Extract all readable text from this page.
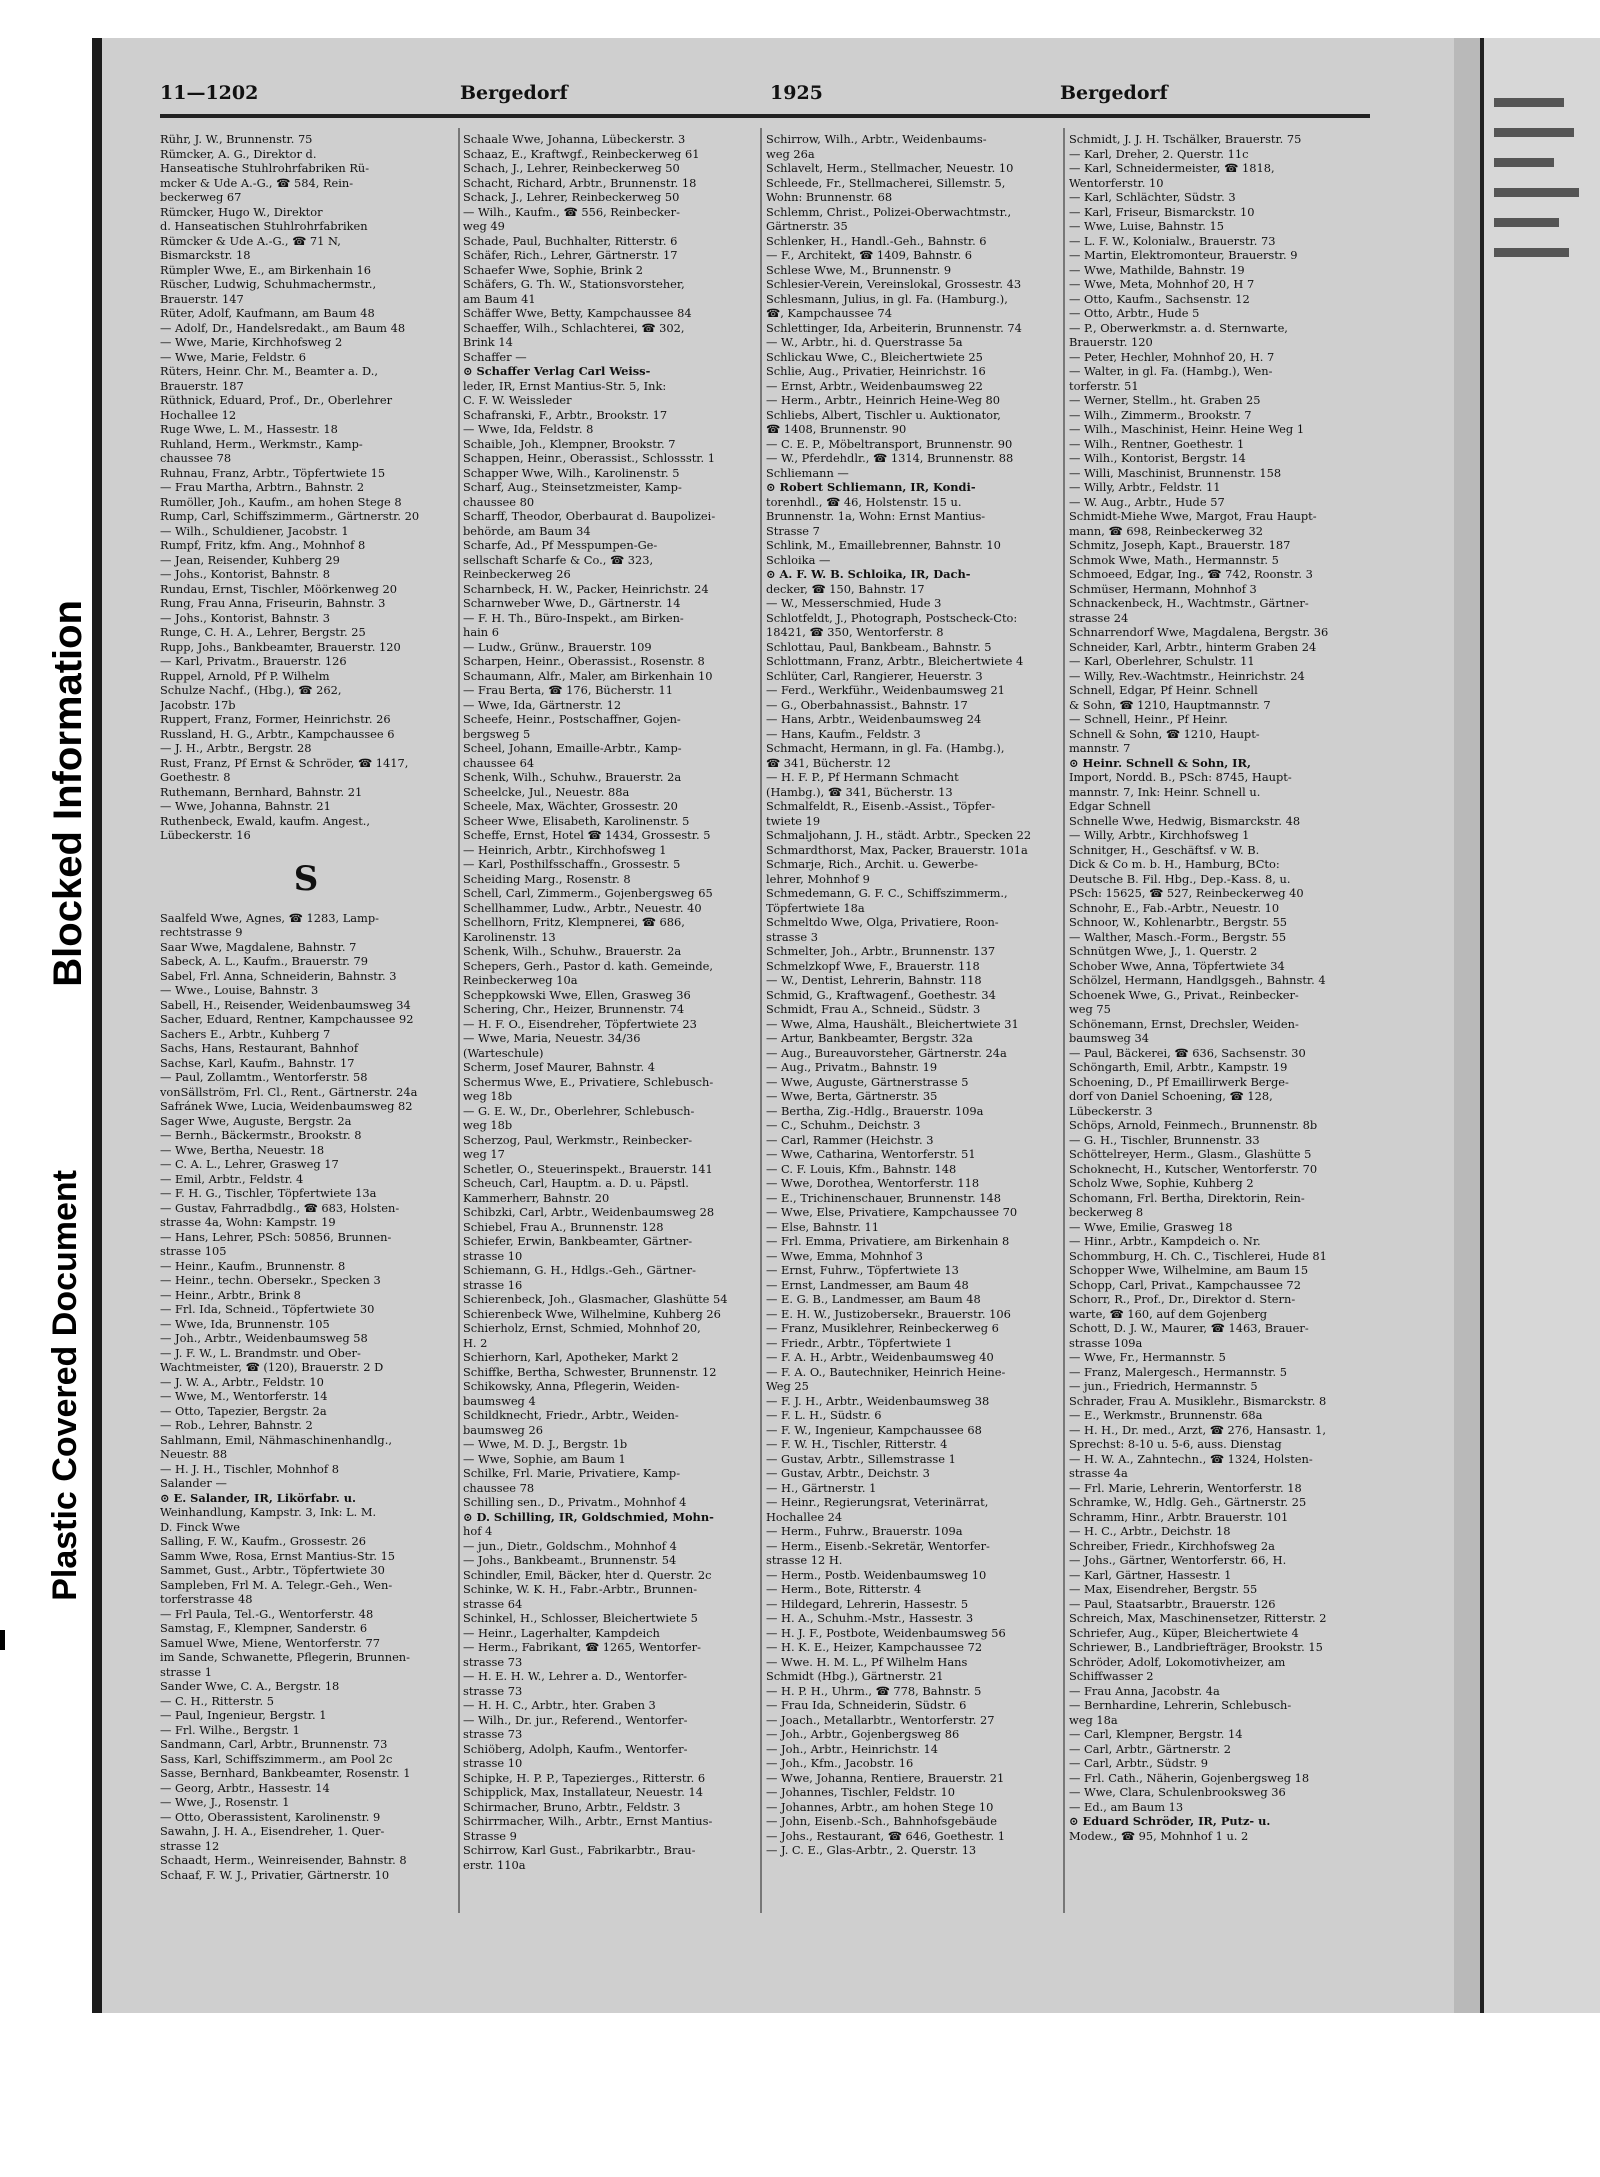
Blocked Information
Plastic Covered Document
11—1202	Bergedorf	1925	Bergedorf

Rühr, J. W., Brunnenstr. 75

Rümcker, A. G., Direktor d.

Hanseatische Stuhlrohrfabriken Rü-

mcker & Ude A.-G., ☎ 584, Rein-

beckerweg 67

Rümcker, Hugo W., Direktor

d. Hanseatischen Stuhlrohrfabriken

Rümcker & Ude A.-G., ☎ 71 N,

Bismarckstr. 18

Rümpler Wwe, E., am Birkenhain 16

Rüscher, Ludwig, Schuhmachermstr.,

Brauerstr. 147

Rüter, Adolf, Kaufmann, am Baum 48

— Adolf, Dr., Handelsredakt., am Baum 48

— Wwe, Marie, Kirchhofsweg 2

— Wwe, Marie, Feldstr. 6

Rüters, Heinr. Chr. M., Beamter a. D.,

Brauerstr. 187

Rüthnick, Eduard, Prof., Dr., Oberlehrer

Hochallee 12

Ruge Wwe, L. M., Hassestr. 18

Ruhland, Herm., Werkmstr., Kamp-

chaussee 78

Ruhnau, Franz, Arbtr., Töpfertwiete 15

— Frau Martha, Arbtrn., Bahnstr. 2

Rumöller, Joh., Kaufm., am hohen Stege 8

Rump, Carl, Schiffszimmerm., Gärtnerstr. 20

— Wilh., Schuldiener, Jacobstr. 1

Rumpf, Fritz, kfm. Ang., Mohnhof 8

— Jean, Reisender, Kuhberg 29

— Johs., Kontorist, Bahnstr. 8

Rundau, Ernst, Tischler, Möörkenweg 20

Rung, Frau Anna, Friseurin, Bahnstr. 3

— Johs., Kontorist, Bahnstr. 3

Runge, C. H. A., Lehrer, Bergstr. 25

Rupp, Johs., Bankbeamter, Brauerstr. 120

— Karl, Privatm., Brauerstr. 126

Ruppel, Arnold, Pf P. Wilhelm

Schulze Nachf., (Hbg.), ☎ 262,

Jacobstr. 17b

Ruppert, Franz, Former, Heinrichstr. 26

Russland, H. G., Arbtr., Kampchaussee 6

— J. H., Arbtr., Bergstr. 28

Rust, Franz, Pf Ernst & Schröder, ☎ 1417,

Goethestr. 8

Ruthemann, Bernhard, Bahnstr. 21

— Wwe, Johanna, Bahnstr. 21

Ruthenbeck, Ewald, kaufm. Angest.,

Lübeckerstr. 16

S

Saalfeld Wwe, Agnes, ☎ 1283, Lamp-

rechtstrasse 9

Saar Wwe, Magdalene, Bahnstr. 7

Sabeck, A. L., Kaufm., Brauerstr. 79

Sabel, Frl. Anna, Schneiderin, Bahnstr. 3

— Wwe., Louise, Bahnstr. 3

Sabell, H., Reisender, Weidenbaumsweg 34

Sacher, Eduard, Rentner, Kampchaussee 92

Sachers E., Arbtr., Kuhberg 7

Sachs, Hans, Restaurant, Bahnhof

Sachse, Karl, Kaufm., Bahnstr. 17

— Paul, Zollamtm., Wentorferstr. 58

vonSällström, Frl. Cl., Rent., Gärtnerstr. 24a

Safránek Wwe, Lucia, Weidenbaumsweg 82

Sager Wwe, Auguste, Bergstr. 2a

— Bernh., Bäckermstr., Brookstr. 8

— Wwe, Bertha, Neuestr. 18

— C. A. L., Lehrer, Grasweg 17

— Emil, Arbtr., Feldstr. 4

— F. H. G., Tischler, Töpfertwiete 13a

— Gustav, Fahrradbdlg., ☎ 683, Holsten-

strasse 4a, Wohn: Kampstr. 19

— Hans, Lehrer, PSch: 50856, Brunnen-

strasse 105

— Heinr., Kaufm., Brunnenstr. 8

— Heinr., techn. Obersekr., Specken 3

— Heinr., Arbtr., Brink 8

— Frl. Ida, Schneid., Töpfertwiete 30

— Wwe, Ida, Brunnenstr. 105

— Joh., Arbtr., Weidenbaumsweg 58

— J. F. W., L. Brandmstr. und Ober-

Wachtmeister, ☎ (120), Brauerstr. 2 D

— J. W. A., Arbtr., Feldstr. 10

— Wwe, M., Wentorferstr. 14

— Otto, Tapezier, Bergstr. 2a

— Rob., Lehrer, Bahnstr. 2

Sahlmann, Emil, Nähmaschinenhandlg.,

Neuestr. 88

— H. J. H., Tischler, Mohnhof 8

Salander —

⊙ E. Salander, IR, Likörfabr. u.

Weinhandlung, Kampstr. 3, Ink: L. M.

D. Finck Wwe

Salling, F. W., Kaufm., Grossestr. 26

Samm Wwe, Rosa, Ernst Mantius-Str. 15

Sammet, Gust., Arbtr., Töpfertwiete 30

Sampleben, Frl M. A. Telegr.-Geh., Wen-

torferstrasse 48

— Frl Paula, Tel.-G., Wentorferstr. 48

Samstag, F., Klempner, Sanderstr. 6

Samuel Wwe, Miene, Wentorferstr. 77

im Sande, Schwanette, Pflegerin, Brunnen-

strasse 1

Sander Wwe, C. A., Bergstr. 18

— C. H., Ritterstr. 5

— Paul, Ingenieur, Bergstr. 1

— Frl. Wilhe., Bergstr. 1

Sandmann, Carl, Arbtr., Brunnenstr. 73

Sass, Karl, Schiffszimmerm., am Pool 2c

Sasse, Bernhard, Bankbeamter, Rosenstr. 1

— Georg, Arbtr., Hassestr. 14

— Wwe, J., Rosenstr. 1

— Otto, Oberassistent, Karolinenstr. 9

Sawahn, J. H. A., Eisendreher, 1. Quer-

strasse 12

Schaadt, Herm., Weinreisender, Bahnstr. 8

Schaaf, F. W. J., Privatier, Gärtnerstr. 10

Schaale Wwe, Johanna, Lübeckerstr. 3

Schaaz, E., Kraftwgf., Reinbeckerweg 61

Schach, J., Lehrer, Reinbeckerweg 50

Schacht, Richard, Arbtr., Brunnenstr. 18

Schack, J., Lehrer, Reinbeckerweg 50

— Wilh., Kaufm., ☎ 556, Reinbecker-

weg 49

Schade, Paul, Buchhalter, Ritterstr. 6

Schäfer, Rich., Lehrer, Gärtnerstr. 17

Schaefer Wwe, Sophie, Brink 2

Schäfers, G. Th. W., Stationsvorsteher,

am Baum 41

Schäffer Wwe, Betty, Kampchaussee 84

Schaeffer, Wilh., Schlachterei, ☎ 302,

Brink 14

Schaffer —

⊙ Schaffer Verlag Carl Weiss-

leder, IR, Ernst Mantius-Str. 5, Ink:

C. F. W. Weissleder

Schafranski, F., Arbtr., Brookstr. 17

— Wwe, Ida, Feldstr. 8

Schaible, Joh., Klempner, Brookstr. 7

Schappen, Heinr., Oberassist., Schlossstr. 1

Schapper Wwe, Wilh., Karolinenstr. 5

Scharf, Aug., Steinsetzmeister, Kamp-

chaussee 80

Scharff, Theodor, Oberbaurat d. Baupolizei-

behörde, am Baum 34

Scharfe, Ad., Pf Messpumpen-Ge-

sellschaft Scharfe & Co., ☎ 323,

Reinbeckerweg 26

Scharnbeck, H. W., Packer, Heinrichstr. 24

Scharnweber Wwe, D., Gärtnerstr. 14

— F. H. Th., Büro-Inspekt., am Birken-

hain 6

— Ludw., Grünw., Brauerstr. 109

Scharpen, Heinr., Oberassist., Rosenstr. 8

Schaumann, Alfr., Maler, am Birkenhain 10

— Frau Berta, ☎ 176, Bücherstr. 11

— Wwe, Ida, Gärtnerstr. 12

Scheefe, Heinr., Postschaffner, Gojen-

bergsweg 5

Scheel, Johann, Emaille-Arbtr., Kamp-

chaussee 64

Schenk, Wilh., Schuhw., Brauerstr. 2a

Scheelcke, Jul., Neuestr. 88a

Scheele, Max, Wächter, Grossestr. 20

Scheer Wwe, Elisabeth, Karolinenstr. 5

Scheffe, Ernst, Hotel ☎ 1434, Grossestr. 5

— Heinrich, Arbtr., Kirchhofsweg 1

— Karl, Posthilfsschaffn., Grossestr. 5

Scheiding Marg., Rosenstr. 8

Schell, Carl, Zimmerm., Gojenbergsweg 65

Schellhammer, Ludw., Arbtr., Neuestr. 40

Schellhorn, Fritz, Klempnerei, ☎ 686,

Karolinenstr. 13

Schenk, Wilh., Schuhw., Brauerstr. 2a

Schepers, Gerh., Pastor d. kath. Gemeinde,

Reinbeckerweg 10a

Scheppkowski Wwe, Ellen, Grasweg 36

Schering, Chr., Heizer, Brunnenstr. 74

— H. F. O., Eisendreher, Töpfertwiete 23

— Wwe, Maria, Neuestr. 34/36

(Warteschule)

Scherm, Josef Maurer, Bahnstr. 4

Schermus Wwe, E., Privatiere, Schlebusch-

weg 18b

— G. E. W., Dr., Oberlehrer, Schlebusch-

weg 18b

Scherzog, Paul, Werkmstr., Reinbecker-

weg 17

Schetler, O., Steuerinspekt., Brauerstr. 141

Scheuch, Carl, Hauptm. a. D. u. Päpstl.

Kammerherr, Bahnstr. 20

Schibzki, Carl, Arbtr., Weidenbaumsweg 28

Schiebel, Frau A., Brunnenstr. 128

Schiefer, Erwin, Bankbeamter, Gärtner-

strasse 10

Schiemann, G. H., Hdlgs.-Geh., Gärtner-

strasse 16

Schierenbeck, Joh., Glasmacher, Glashütte 54

Schierenbeck Wwe, Wilhelmine, Kuhberg 26

Schierholz, Ernst, Schmied, Mohnhof 20,

H. 2

Schierhorn, Karl, Apotheker, Markt 2

Schiffke, Bertha, Schwester, Brunnenstr. 12

Schikowsky, Anna, Pflegerin, Weiden-

baumsweg 4

Schildknecht, Friedr., Arbtr., Weiden-

baumsweg 26

— Wwe, M. D. J., Bergstr. 1b

— Wwe, Sophie, am Baum 1

Schilke, Frl. Marie, Privatiere, Kamp-

chaussee 78

Schilling sen., D., Privatm., Mohnhof 4

⊙ D. Schilling, IR, Goldschmied, Mohn-

hof 4

— jun., Dietr., Goldschm., Mohnhof 4

— Johs., Bankbeamt., Brunnenstr. 54

Schindler, Emil, Bäcker, hter d. Querstr. 2c

Schinke, W. K. H., Fabr.-Arbtr., Brunnen-

strasse 64

Schinkel, H., Schlosser, Bleichertwiete 5

— Heinr., Lagerhalter, Kampdeich

— Herm., Fabrikant, ☎ 1265, Wentorfer-

strasse 73

— H. E. H. W., Lehrer a. D., Wentorfer-

strasse 73

— H. H. C., Arbtr., hter. Graben 3

— Wilh., Dr. jur., Referend., Wentorfer-

strasse 73

Schiöberg, Adolph, Kaufm., Wentorfer-

strasse 10

Schipke, H. P. P., Tapezierges., Ritterstr. 6

Schipplick, Max, Installateur, Neuestr. 14

Schirmacher, Bruno, Arbtr., Feldstr. 3

Schirrmacher, Wilh., Arbtr., Ernst Mantius-

Strasse 9

Schirrow, Karl Gust., Fabrikarbtr., Brau-

erstr. 110a

Schirrow, Wilh., Arbtr., Weidenbaums-

weg 26a

Schlavelt, Herm., Stellmacher, Neuestr. 10

Schleede, Fr., Stellmacherei, Sillemstr. 5,

Wohn: Brunnenstr. 68

Schlemm, Christ., Polizei-Oberwachtmstr.,

Gärtnerstr. 35

Schlenker, H., Handl.-Geh., Bahnstr. 6

— F., Architekt, ☎ 1409, Bahnstr. 6

Schlese Wwe, M., Brunnenstr. 9

Schlesier-Verein, Vereinslokal, Grossestr. 43

Schlesmann, Julius, in gl. Fa. (Hamburg.),

☎, Kampchaussee 74

Schlettinger, Ida, Arbeiterin, Brunnenstr. 74

— W., Arbtr., hi. d. Querstrasse 5a

Schlickau Wwe, C., Bleichertwiete 25

Schlie, Aug., Privatier, Heinrichstr. 16

— Ernst, Arbtr., Weidenbaumsweg 22

— Herm., Arbtr., Heinrich Heine-Weg 80

Schliebs, Albert, Tischler u. Auktionator,

☎ 1408, Brunnenstr. 90

— C. E. P., Möbeltransport, Brunnenstr. 90

— W., Pferdehdlr., ☎ 1314, Brunnenstr. 88

Schliemann —

⊙ Robert Schliemann, IR, Kondi-

torenhdl., ☎ 46, Holstenstr. 15 u.

Brunnenstr. 1a, Wohn: Ernst Mantius-

Strasse 7

Schlink, M., Emaillebrenner, Bahnstr. 10

Schloika —

⊙ A. F. W. B. Schloika, IR, Dach-

decker, ☎ 150, Bahnstr. 17

— W., Messerschmied, Hude 3

Schlotfeldt, J., Photograph, Postscheck-Cto:

18421, ☎ 350, Wentorferstr. 8

Schlottau, Paul, Bankbeam., Bahnstr. 5

Schlottmann, Franz, Arbtr., Bleichertwiete 4

Schlüter, Carl, Rangierer, Heuerstr. 3

— Ferd., Werkführ., Weidenbaumsweg 21

— G., Oberbahnassist., Bahnstr. 17

— Hans, Arbtr., Weidenbaumsweg 24

— Hans, Kaufm., Feldstr. 3

Schmacht, Hermann, in gl. Fa. (Hambg.),

☎ 341, Bücherstr. 12

— H. F. P., Pf Hermann Schmacht

(Hambg.), ☎ 341, Bücherstr. 13

Schmalfeldt, R., Eisenb.-Assist., Töpfer-

twiete 19

Schmaljohann, J. H., städt. Arbtr., Specken 22

Schmardthorst, Max, Packer, Brauerstr. 101a

Schmarje, Rich., Archit. u. Gewerbe-

lehrer, Mohnhof 9

Schmedemann, G. F. C., Schiffszimmerm.,

Töpfertwiete 18a

Schmeltdo Wwe, Olga, Privatiere, Roon-

strasse 3

Schmelter, Joh., Arbtr., Brunnenstr. 137

Schmelzkopf Wwe, F., Brauerstr. 118

— W., Dentist, Lehrerin, Bahnstr. 118

Schmid, G., Kraftwagenf., Goethestr. 34

Schmidt, Frau A., Schneid., Südstr. 3

— Wwe, Alma, Haushält., Bleichertwiete 31

— Artur, Bankbeamter, Bergstr. 32a

— Aug., Bureauvorsteher, Gärtnerstr. 24a

— Aug., Privatm., Bahnstr. 19

— Wwe, Auguste, Gärtnerstrasse 5

— Wwe, Berta, Gärtnerstr. 35

— Bertha, Zig.-Hdlg., Brauerstr. 109a

— C., Schuhm., Deichstr. 3

— Carl, Rammer (Heichstr. 3

— Wwe, Catharina, Wentorferstr. 51

— C. F. Louis, Kfm., Bahnstr. 148

— Wwe, Dorothea, Wentorferstr. 118

— E., Trichinenschauer, Brunnenstr. 148

— Wwe, Else, Privatiere, Kampchaussee 70

— Else, Bahnstr. 11

— Frl. Emma, Privatiere, am Birkenhain 8

— Wwe, Emma, Mohnhof 3

— Ernst, Fuhrw., Töpfertwiete 13

— Ernst, Landmesser, am Baum 48

— E. G. B., Landmesser, am Baum 48

— E. H. W., Justizobersekr., Brauerstr. 106

— Franz, Musiklehrer, Reinbeckerweg 6

— Friedr., Arbtr., Töpfertwiete 1

— F. A. H., Arbtr., Weidenbaumsweg 40

— F. A. O., Bautechniker, Heinrich Heine-

Weg 25

— F. J. H., Arbtr., Weidenbaumsweg 38

— F. L. H., Südstr. 6

— F. W., Ingenieur, Kampchaussee 68

— F. W. H., Tischler, Ritterstr. 4

— Gustav, Arbtr., Sillemstrasse 1

— Gustav, Arbtr., Deichstr. 3

— H., Gärtnerstr. 1

— Heinr., Regierungsrat, Veterinärrat,

Hochallee 24

— Herm., Fuhrw., Brauerstr. 109a

— Herm., Eisenb.-Sekretär, Wentorfer-

strasse 12 H.

— Herm., Postb. Weidenbaumsweg 10

— Herm., Bote, Ritterstr. 4

— Hildegard, Lehrerin, Hassestr. 5

— H. A., Schuhm.-Mstr., Hassestr. 3

— H. J. F., Postbote, Weidenbaumsweg 56

— H. K. E., Heizer, Kampchaussee 72

— Wwe. H. M. L., Pf Wilhelm Hans

Schmidt (Hbg.), Gärtnerstr. 21

— H. P. H., Uhrm., ☎ 778, Bahnstr. 5

— Frau Ida, Schneiderin, Südstr. 6

— Joach., Metallarbtr., Wentorferstr. 27

— Joh., Arbtr., Gojenbergsweg 86

— Joh., Arbtr., Heinrichstr. 14

— Joh., Kfm., Jacobstr. 16

— Wwe, Johanna, Rentiere, Brauerstr. 21

— Johannes, Tischler, Feldstr. 10

— Johannes, Arbtr., am hohen Stege 10

— John, Eisenb.-Sch., Bahnhofsgebäude

— Johs., Restaurant, ☎ 646, Goethestr. 1

— J. C. E., Glas-Arbtr., 2. Querstr. 13

Schmidt, J. J. H. Tschälker, Brauerstr. 75

— Karl, Dreher, 2. Querstr. 11c

— Karl, Schneidermeister, ☎ 1818,

Wentorferstr. 10

— Karl, Schlächter, Südstr. 3

— Karl, Friseur, Bismarckstr. 10

— Wwe, Luise, Bahnstr. 15

— L. F. W., Kolonialw., Brauerstr. 73

— Martin, Elektromonteur, Brauerstr. 9

— Wwe, Mathilde, Bahnstr. 19

— Wwe, Meta, Mohnhof 20, H 7

— Otto, Kaufm., Sachsenstr. 12

— Otto, Arbtr., Hude 5

— P., Oberwerkmstr. a. d. Sternwarte,

Brauerstr. 120

— Peter, Hechler, Mohnhof 20, H. 7

— Walter, in gl. Fa. (Hambg.), Wen-

torferstr. 51

— Werner, Stellm., ht. Graben 25

— Wilh., Zimmerm., Brookstr. 7

— Wilh., Maschinist, Heinr. Heine Weg 1

— Wilh., Rentner, Goethestr. 1

— Wilh., Kontorist, Bergstr. 14

— Willi, Maschinist, Brunnenstr. 158

— Willy, Arbtr., Feldstr. 11

— W. Aug., Arbtr., Hude 57

Schmidt-Miehe Wwe, Margot, Frau Haupt-

mann, ☎ 698, Reinbeckerweg 32

Schmitz, Joseph, Kapt., Brauerstr. 187

Schmok Wwe, Math., Hermannstr. 5

Schmoeed, Edgar, Ing., ☎ 742, Roonstr. 3

Schmüser, Hermann, Mohnhof 3

Schnackenbeck, H., Wachtmstr., Gärtner-

strasse 24

Schnarrendorf Wwe, Magdalena, Bergstr. 36

Schneider, Karl, Arbtr., hinterm Graben 24

— Karl, Oberlehrer, Schulstr. 11

— Willy, Rev.-Wachtmstr., Heinrichstr. 24

Schnell, Edgar, Pf Heinr. Schnell

& Sohn, ☎ 1210, Hauptmannstr. 7

— Schnell, Heinr., Pf Heinr.

Schnell & Sohn, ☎ 1210, Haupt-

mannstr. 7

⊙ Heinr. Schnell & Sohn, IR,

Import, Nordd. B., PSch: 8745, Haupt-

mannstr. 7, Ink: Heinr. Schnell u.

Edgar Schnell

Schnelle Wwe, Hedwig, Bismarckstr. 48

— Willy, Arbtr., Kirchhofsweg 1

Schnitger, H., Geschäftsf. v W. B.

Dick & Co m. b. H., Hamburg, BCto:

Deutsche B. Fil. Hbg., Dep.-Kass. 8, u.

PSch: 15625, ☎ 527, Reinbeckerweg 40

Schnohr, E., Fab.-Arbtr., Neuestr. 10

Schnoor, W., Kohlenarbtr., Bergstr. 55

— Walther, Masch.-Form., Bergstr. 55

Schnütgen Wwe, J., 1. Querstr. 2

Schober Wwe, Anna, Töpfertwiete 34

Schölzel, Hermann, Handlgsgeh., Bahnstr. 4

Schoenek Wwe, G., Privat., Reinbecker-

weg 75

Schönemann, Ernst, Drechsler, Weiden-

baumsweg 34

— Paul, Bäckerei, ☎ 636, Sachsenstr. 30

Schöngarth, Emil, Arbtr., Kampstr. 19

Schoening, D., Pf Emaillirwerk Berge-

dorf von Daniel Schoening, ☎ 128,

Lübeckerstr. 3

Schöps, Arnold, Feinmech., Brunnenstr. 8b

— G. H., Tischler, Brunnenstr. 33

Schöttelreyer, Herm., Glasm., Glashütte 5

Schoknecht, H., Kutscher, Wentorferstr. 70

Scholz Wwe, Sophie, Kuhberg 2

Schomann, Frl. Bertha, Direktorin, Rein-

beckerweg 8

— Wwe, Emilie, Grasweg 18

— Hinr., Arbtr., Kampdeich o. Nr.

Schommburg, H. Ch. C., Tischlerei, Hude 81

Schopper Wwe, Wilhelmine, am Baum 15

Schopp, Carl, Privat., Kampchaussee 72

Schorr, R., Prof., Dr., Direktor d. Stern-

warte, ☎ 160, auf dem Gojenberg

Schott, D. J. W., Maurer, ☎ 1463, Brauer-

strasse 109a

— Wwe, Fr., Hermannstr. 5

— Franz, Malergesch., Hermannstr. 5

— jun., Friedrich, Hermannstr. 5

Schrader, Frau A. Musiklehr., Bismarckstr. 8

— E., Werkmstr., Brunnenstr. 68a

— H. H., Dr. med., Arzt, ☎ 276, Hansastr. 1,

Sprechst: 8-10 u. 5-6, auss. Dienstag

— H. W. A., Zahntechn., ☎ 1324, Holsten-

strasse 4a

— Frl. Marie, Lehrerin, Wentorferstr. 18

Schramke, W., Hdlg. Geh., Gärtnerstr. 25

Schramm, Hinr., Arbtr. Brauerstr. 101

— H. C., Arbtr., Deichstr. 18

Schreiber, Friedr., Kirchhofsweg 2a

— Johs., Gärtner, Wentorferstr. 66, H.

— Karl, Gärtner, Hassestr. 1

— Max, Eisendreher, Bergstr. 55

— Paul, Staatsarbtr., Brauerstr. 126

Schreich, Max, Maschinensetzer, Ritterstr. 2

Schriefer, Aug., Küper, Bleichertwiete 4

Schriewer, B., Landbriefträger, Brookstr. 15

Schröder, Adolf, Lokomotivheizer, am

Schiffwasser 2

— Frau Anna, Jacobstr. 4a

— Bernhardine, Lehrerin, Schlebusch-

weg 18a

— Carl, Klempner, Bergstr. 14

— Carl, Arbtr., Gärtnerstr. 2

— Carl, Arbtr., Südstr. 9

— Frl. Cath., Näherin, Gojenbergsweg 18

— Wwe, Clara, Schulenbrooksweg 36

— Ed., am Baum 13

⊙ Eduard Schröder, IR, Putz- u.

Modew., ☎ 95, Mohnhof 1 u. 2
